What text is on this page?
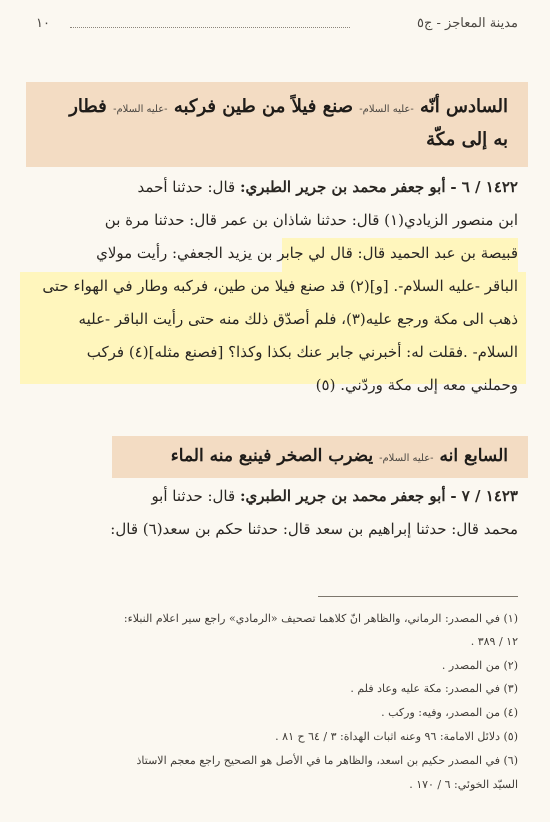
مدينة المعاجز - ج٥
١٠
السادس أنّه -عليه السلام- صنع فيلاً من طين فركبه -عليه السلام- فطار
به إلى مكّة
١٤٢٢ / ٦ - أبو جعفر محمد بن جرير الطبري: قال: حدثنا أحمد
ابن منصور الزيادي(١) قال: حدثنا شاذان بن عمر قال: حدثنا مرة بن
قبيصة بن عبد الحميد قال: قال لي جابر بن يزيد الجعفي: رأيت مولاي
الباقر -عليه السلام-. [و](٢) قد صنع فيلا من طين، فركبه وطار في الهواء حتى
ذهب الى مكة ورجع عليه(٣)، فلم أصدّق ذلك منه حتى رأيت الباقر -عليه
السلام- .فقلت له: أخبرني جابر عنك بكذا وكذا؟ [فصنع مثله](٤) فركب
وحملني معه إلى مكة وردّني. (٥)
السابع انه -عليه السلام- يضرب الصخر فينبع منه الماء
١٤٢٣ / ٧ - أبو جعفر محمد بن جرير الطبري: قال: حدثنا أبو
محمد قال: حدثنا إبراهيم بن سعد قال: حدثنا حكم بن سعد(٦) قال:
(١) في المصدر: الرماني، والظاهر انّ كلاهما تصحيف «الرمادي» راجع سير اعلام النبلاء:
١٢ / ٣٨٩ .
(٢) من المصدر .
(٣) في المصدر: مكة عليه وعاد فلم .
(٤) من المصدر، وفيه: وركب .
(٥) دلائل الامامة: ٩٦ وعنه اثبات الهداة: ٣ / ٦٤ ح ٨١ .
(٦) في المصدر حكيم بن اسعد، والظاهر ما في الأصل هو الصحيح راجع معجم الاستاذ
السيّد الخوئي: ٦ / ١٧٠ .
